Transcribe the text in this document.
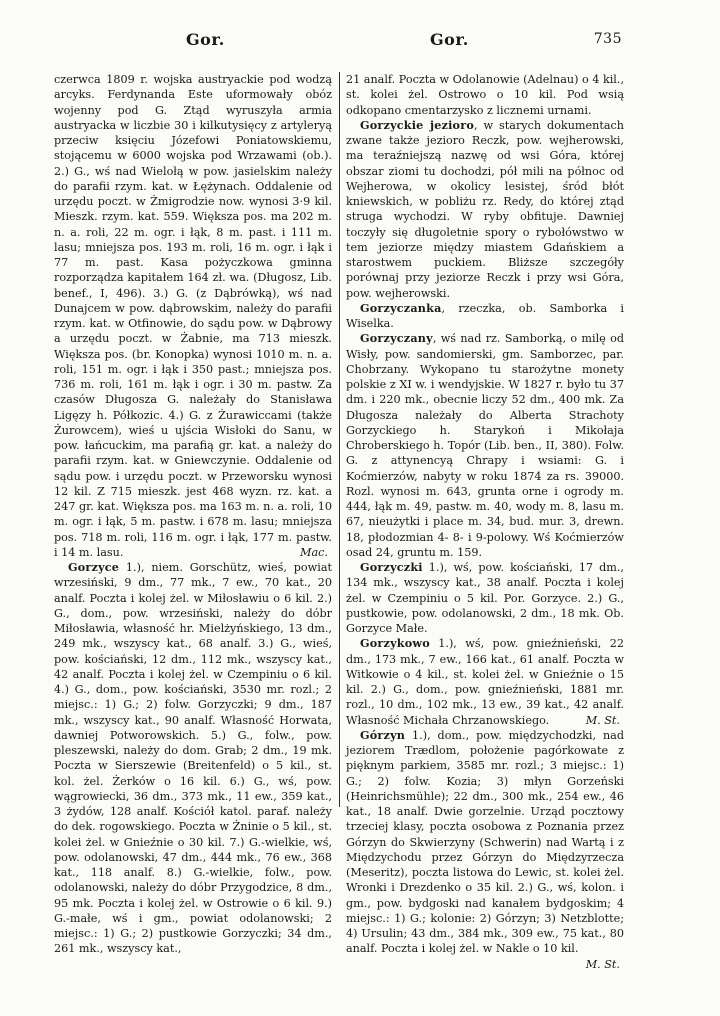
Gor.	Gor.	735

czerwca 1809 r. wojska austryackie pod wodzą arcyks. Ferdynanda Este uformowały obóz wojenny pod G. Ztąd wyruszyła armia austryacka w liczbie 30 i kilkutysięcy z artyleryą przeciw księciu Józefowi Poniatowskiemu, stojącemu w 6000 wojska pod Wrzawami (ob.). 2.) G., wś nad Wielołą w pow. jasielskim należy do parafii rzym. kat. w Łężynach. Oddalenie od urzędu poczt. w Żmigrodzie now. wynosi 3·9 kil. Mieszk. rzym. kat. 559. Większa pos. ma 202 m. n. a. roli, 22 m. ogr. i łąk, 8 m. past. i 111 m. lasu; mniejsza pos. 193 m. roli, 16 m. ogr. i łąk i 77 m. past. Kasa pożyczkowa gminna rozporządza kapitałem 164 zł. wa. (Długosz, Lib. benef., I, 496). 3.) G. (z Dąbrówką), wś nad Dunajcem w pow. dąbrowskim, należy do parafii rzym. kat. w Otfinowie, do sądu pow. w Dąbrowy a urzędu poczt. w Żabnie, ma 713 mieszk. Większa pos. (br. Konopka) wynosi 1010 m. n. a. roli, 151 m. ogr. i łąk i 350 past.; mniejsza pos. 736 m. roli, 161 m. łąk i ogr. i 30 m. pastw. Za czasów Długosza G. należały do Stanisława Ligęzy h. Półkozic. 4.) G. z Żurawiccami (także Żurowcem), wieś u ujścia Wisłoki do Sanu, w pow. łańcuckim, ma parafią gr. kat. a należy do parafii rzym. kat. w Gniewczynie. Oddalenie od sądu pow. i urzędu poczt. w Przeworsku wynosi 12 kil. Z 715 mieszk. jest 468 wyzn. rz. kat. a 247 gr. kat. Większa pos. ma 163 m. n. a. roli, 10 m. ogr. i łąk, 5 m. pastw. i 678 m. lasu; mniejsza pos. 718 m. roli, 116 m. ogr. i łąk, 177 m. pastw. i 14 m. lasu.	Mac.

Gorzyce 1.), niem. Gorschütz, wieś, powiat wrzesiński, 9 dm., 77 mk., 7 ew., 70 kat., 20 analf. Poczta i kolej żel. w Miłosławiu o 6 kil. 2.) G., dom., pow. wrzesiński, należy do dóbr Miłosławia, własność hr. Mielżyńskiego, 13 dm., 249 mk., wszyscy kat., 68 analf. 3.) G., wieś, pow. kościański, 12 dm., 112 mk., wszyscy kat., 42 analf. Poczta i kolej żel. w Czempiniu o 6 kil. 4.) G., dom., pow. kościański, 3530 mr. rozl.; 2 miejsc.: 1) G.; 2) folw. Gorzyczki; 9 dm., 187 mk., wszyscy kat., 90 analf. Własność Horwata, dawniej Potworowskich. 5.) G., folw., pow. pleszewski, należy do dom. Grab; 2 dm., 19 mk. Poczta w Sierszewie (Breitenfeld) o 5 kil., st. kol. żel. Żerków o 16 kil. 6.) G., wś, pow. wągrowiecki, 36 dm., 373 mk., 11 ew., 359 kat., 3 żydów, 128 analf. Kościół katol. paraf. należy do dek. rogowskiego. Poczta w Żninie o 5 kil., st. kolei żel. w Gnieźnie o 30 kil. 7.) G.-wielkie, wś, pow. odolanowski, 47 dm., 444 mk., 76 ew., 368 kat., 118 analf. 8.) G.-wielkie, folw., pow. odolanowski, należy do dóbr Przygodzice, 8 dm., 95 mk. Poczta i kolej żel. w Ostrowie o 6 kil. 9.) G.-małe, wś i gm., powiat odolanowski; 2 miejsc.: 1) G.; 2) pustkowie Gorzyczki; 34 dm., 261 mk., wszyscy kat.,

21 analf. Poczta w Odolanowie (Adelnau) o 4 kil., st. kolei żel. Ostrowo o 10 kil. Pod wsią odkopano cmentarzysko z licznemi urnami.

Gorzyckie jezioro, w starych dokumentach zwane także jezioro Reczk, pow. wejherowski, ma teraźniejszą nazwę od wsi Góra, której obszar ziomi tu dochodzi, pół mili na północ od Wejherowa, w okolicy lesistej, śród błót kniewskich, w pobliżu rz. Redy, do której ztąd struga wychodzi. W ryby obfituje. Dawniej toczyły się długoletnie spory o rybołówstwo w tem jeziorze między miastem Gdańskiem a starostwem puckiem. Bliższe szczegóły porównaj przy jeziorze Reczk i przy wsi Góra, pow. wejherowski.

Gorzyczanka, rzeczka, ob. Samborka i Wiselka.

Gorzyczany, wś nad rz. Samborką, o milę od Wisły, pow. sandomierski, gm. Samborzec, par. Chobrzany. Wykopano tu starożytne monety polskie z XI w. i wendyjskie. W 1827 r. było tu 37 dm. i 220 mk., obecnie liczy 52 dm., 400 mk. Za Długosza należały do Alberta Strachoty Gorzyckiego h. Starykoń i Mikołaja Chroberskiego h. Topór (Lib. ben., II, 380). Folw. G. z attynencyą Chrapy i wsiami: G. i Koćmierzów, nabyty w roku 1874 za rs. 39000. Rozl. wynosi m. 643, grunta orne i ogrody m. 444, łąk m. 49, pastw. m. 40, wody m. 8, lasu m. 67, nieużytki i place m. 34, bud. mur. 3, drewn. 18, płodozmian 4- 8- i 9-polowy. Wś Koćmierzów osad 24, gruntu m. 159.

Gorzyczki 1.), wś, pow. kościański, 17 dm., 134 mk., wszyscy kat., 38 analf. Poczta i kolej żel. w Czempiniu o 5 kil. Por. Gorzyce. 2.) G., pustkowie, pow. odolanowski, 2 dm., 18 mk. Ob. Gorzyce Małe.

Gorzykowo 1.), wś, pow. gnieźnieński, 22 dm., 173 mk., 7 ew., 166 kat., 61 analf. Poczta w Witkowie o 4 kil., st. kolei żel. w Gnieźnie o 15 kil. 2.) G., dom., pow. gnieźnieński, 1881 mr. rozl., 10 dm., 102 mk., 13 ew., 39 kat., 42 analf. Własność Michała Chrzanowskiego.	M. St.

Górzyn 1.), dom., pow. międzychodzki, nad jeziorem Trædlom, położenie pagórkowate z pięknym parkiem, 3585 mr. rozl.; 3 miejsc.: 1) G.; 2) folw. Kozia; 3) młyn Gorzeński (Heinrichsmühle); 22 dm., 300 mk., 254 ew., 46 kat., 18 analf. Dwie gorzelnie. Urząd pocztowy trzeciej klasy, poczta osobowa z Poznania przez Górzyn do Skwierzyny (Schwerin) nad Wartą i z Międzychodu przez Górzyn do Międzyrzecza (Meseritz), poczta listowa do Lewic, st. kolei żel. Wronki i Drezdenko o 35 kil. 2.) G., wś, kolon. i gm., pow. bydgoski nad kanałem bydgoskim; 4 miejsc.: 1) G.; kolonie: 2) Górzyn; 3) Netzblotte; 4) Ursulin; 43 dm., 384 mk., 309 ew., 75 kat., 80 analf. Poczta i kolej żel. w Nakle o 10 kil.
M. St.
